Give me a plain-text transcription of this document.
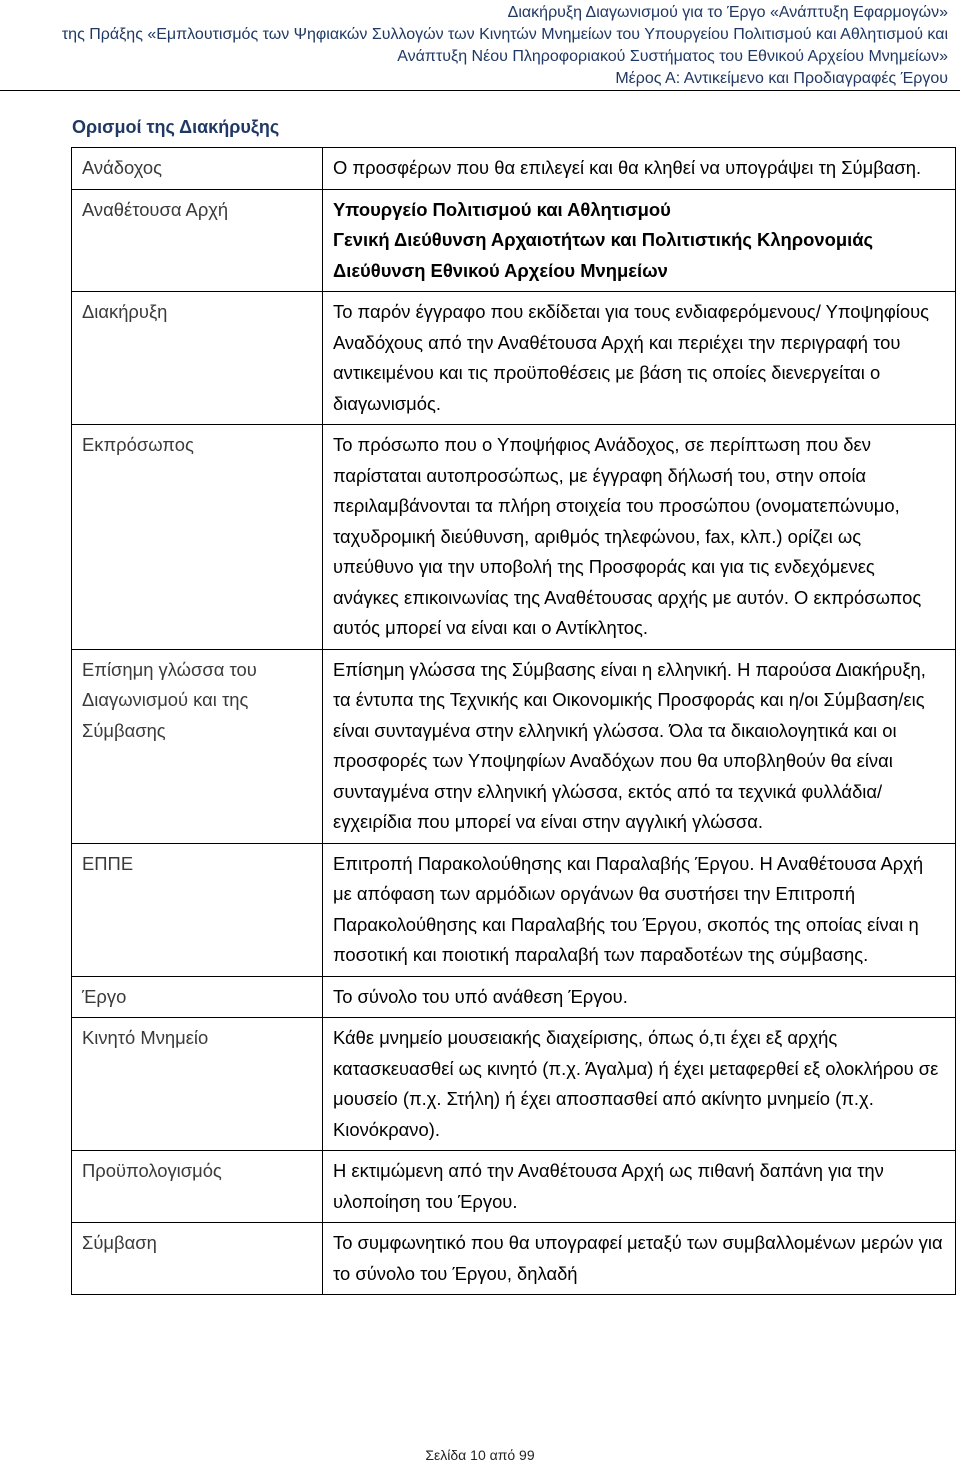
Διακήρυξη Διαγωνισμού για το Έργο «Ανάπτυξη Εφαρμογών»
της Πράξης «Εμπλουτισμός των Ψηφιακών Συλλογών των Κινητών Μνημείων του Υπουργείου Πολιτισμού και Αθλητισμού και
Ανάπτυξη Νέου Πληροφοριακού Συστήματος του Εθνικού Αρχείου Μνημείων»
Μέρος Α: Αντικείμενο και Προδιαγραφές Έργου
Ορισμοί της Διακήρυξης
Ανάδοχος	Ο προσφέρων που θα επιλεγεί και θα κληθεί να υπογράψει τη Σύμβαση.
Αναθέτουσα Αρχή	Υπουργείο Πολιτισμού και Αθλητισμού
Γενική Διεύθυνση Αρχαιοτήτων και Πολιτιστικής Κληρονομιάς
Διεύθυνση Εθνικού Αρχείου Μνημείων

Διακήρυξη	Το παρόν έγγραφο που εκδίδεται για τους ενδιαφερόμενους/ Υποψηφίους Αναδόχους από την Αναθέτουσα Αρχή και περιέχει την περιγραφή του αντικειμένου και τις προϋποθέσεις με βάση τις οποίες διενεργείται ο διαγωνισμός.
Εκπρόσωπος	Το πρόσωπο που ο Υποψήφιος Ανάδοχος, σε περίπτωση που δεν παρίσταται αυτοπροσώπως, με έγγραφη δήλωσή του, στην οποία περιλαμβάνονται τα πλήρη στοιχεία του προσώπου (ονοματεπώνυμο, ταχυδρομική διεύθυνση, αριθμός τηλεφώνου, fax, κλπ.) ορίζει ως υπεύθυνο για την υποβολή της Προσφοράς και για τις ενδεχόμενες ανάγκες επικοινωνίας της Αναθέτουσας αρχής με αυτόν. Ο εκπρόσωπος αυτός μπορεί να είναι και ο Αντίκλητος.
Επίσημη γλώσσα του Διαγωνισμού και της Σύμβασης	Επίσημη γλώσσα της Σύμβασης είναι η ελληνική. Η παρούσα Διακήρυξη, τα έντυπα της Τεχνικής και Οικονομικής Προσφοράς και η/οι Σύμβαση/εις είναι συνταγμένα στην ελληνική γλώσσα. Όλα τα δικαιολογητικά και οι προσφορές των Υποψηφίων Αναδόχων που θα υποβληθούν θα είναι συνταγμένα στην ελληνική γλώσσα, εκτός από τα τεχνικά φυλλάδια/ εγχειρίδια που μπορεί να είναι στην αγγλική γλώσσα.
ΕΠΠΕ	Επιτροπή Παρακολούθησης και Παραλαβής Έργου. Η Αναθέτουσα Αρχή με απόφαση των αρμόδιων οργάνων θα συστήσει την Επιτροπή Παρακολούθησης και Παραλαβής του Έργου, σκοπός της οποίας είναι η ποσοτική και ποιοτική παραλαβή των παραδοτέων της σύμβασης.
Έργο	Το σύνολο του υπό ανάθεση Έργου.
Κινητό Μνημείο	Κάθε μνημείο μουσειακής διαχείρισης, όπως ό,τι έχει εξ αρχής κατασκευασθεί ως κινητό (π.χ. Άγαλμα) ή έχει μεταφερθεί εξ ολοκλήρου σε μουσείο (π.χ. Στήλη) ή έχει αποσπασθεί από ακίνητο μνημείο (π.χ. Κιονόκρανο).
Προϋπολογισμός	Η εκτιμώμενη από την Αναθέτουσα Αρχή ως πιθανή δαπάνη για την υλοποίηση του Έργου.
Σύμβαση	Το συμφωνητικό που θα υπογραφεί μεταξύ των συμβαλλομένων μερών για το σύνολο του Έργου, δηλαδή
Σελίδα 10 από 99
